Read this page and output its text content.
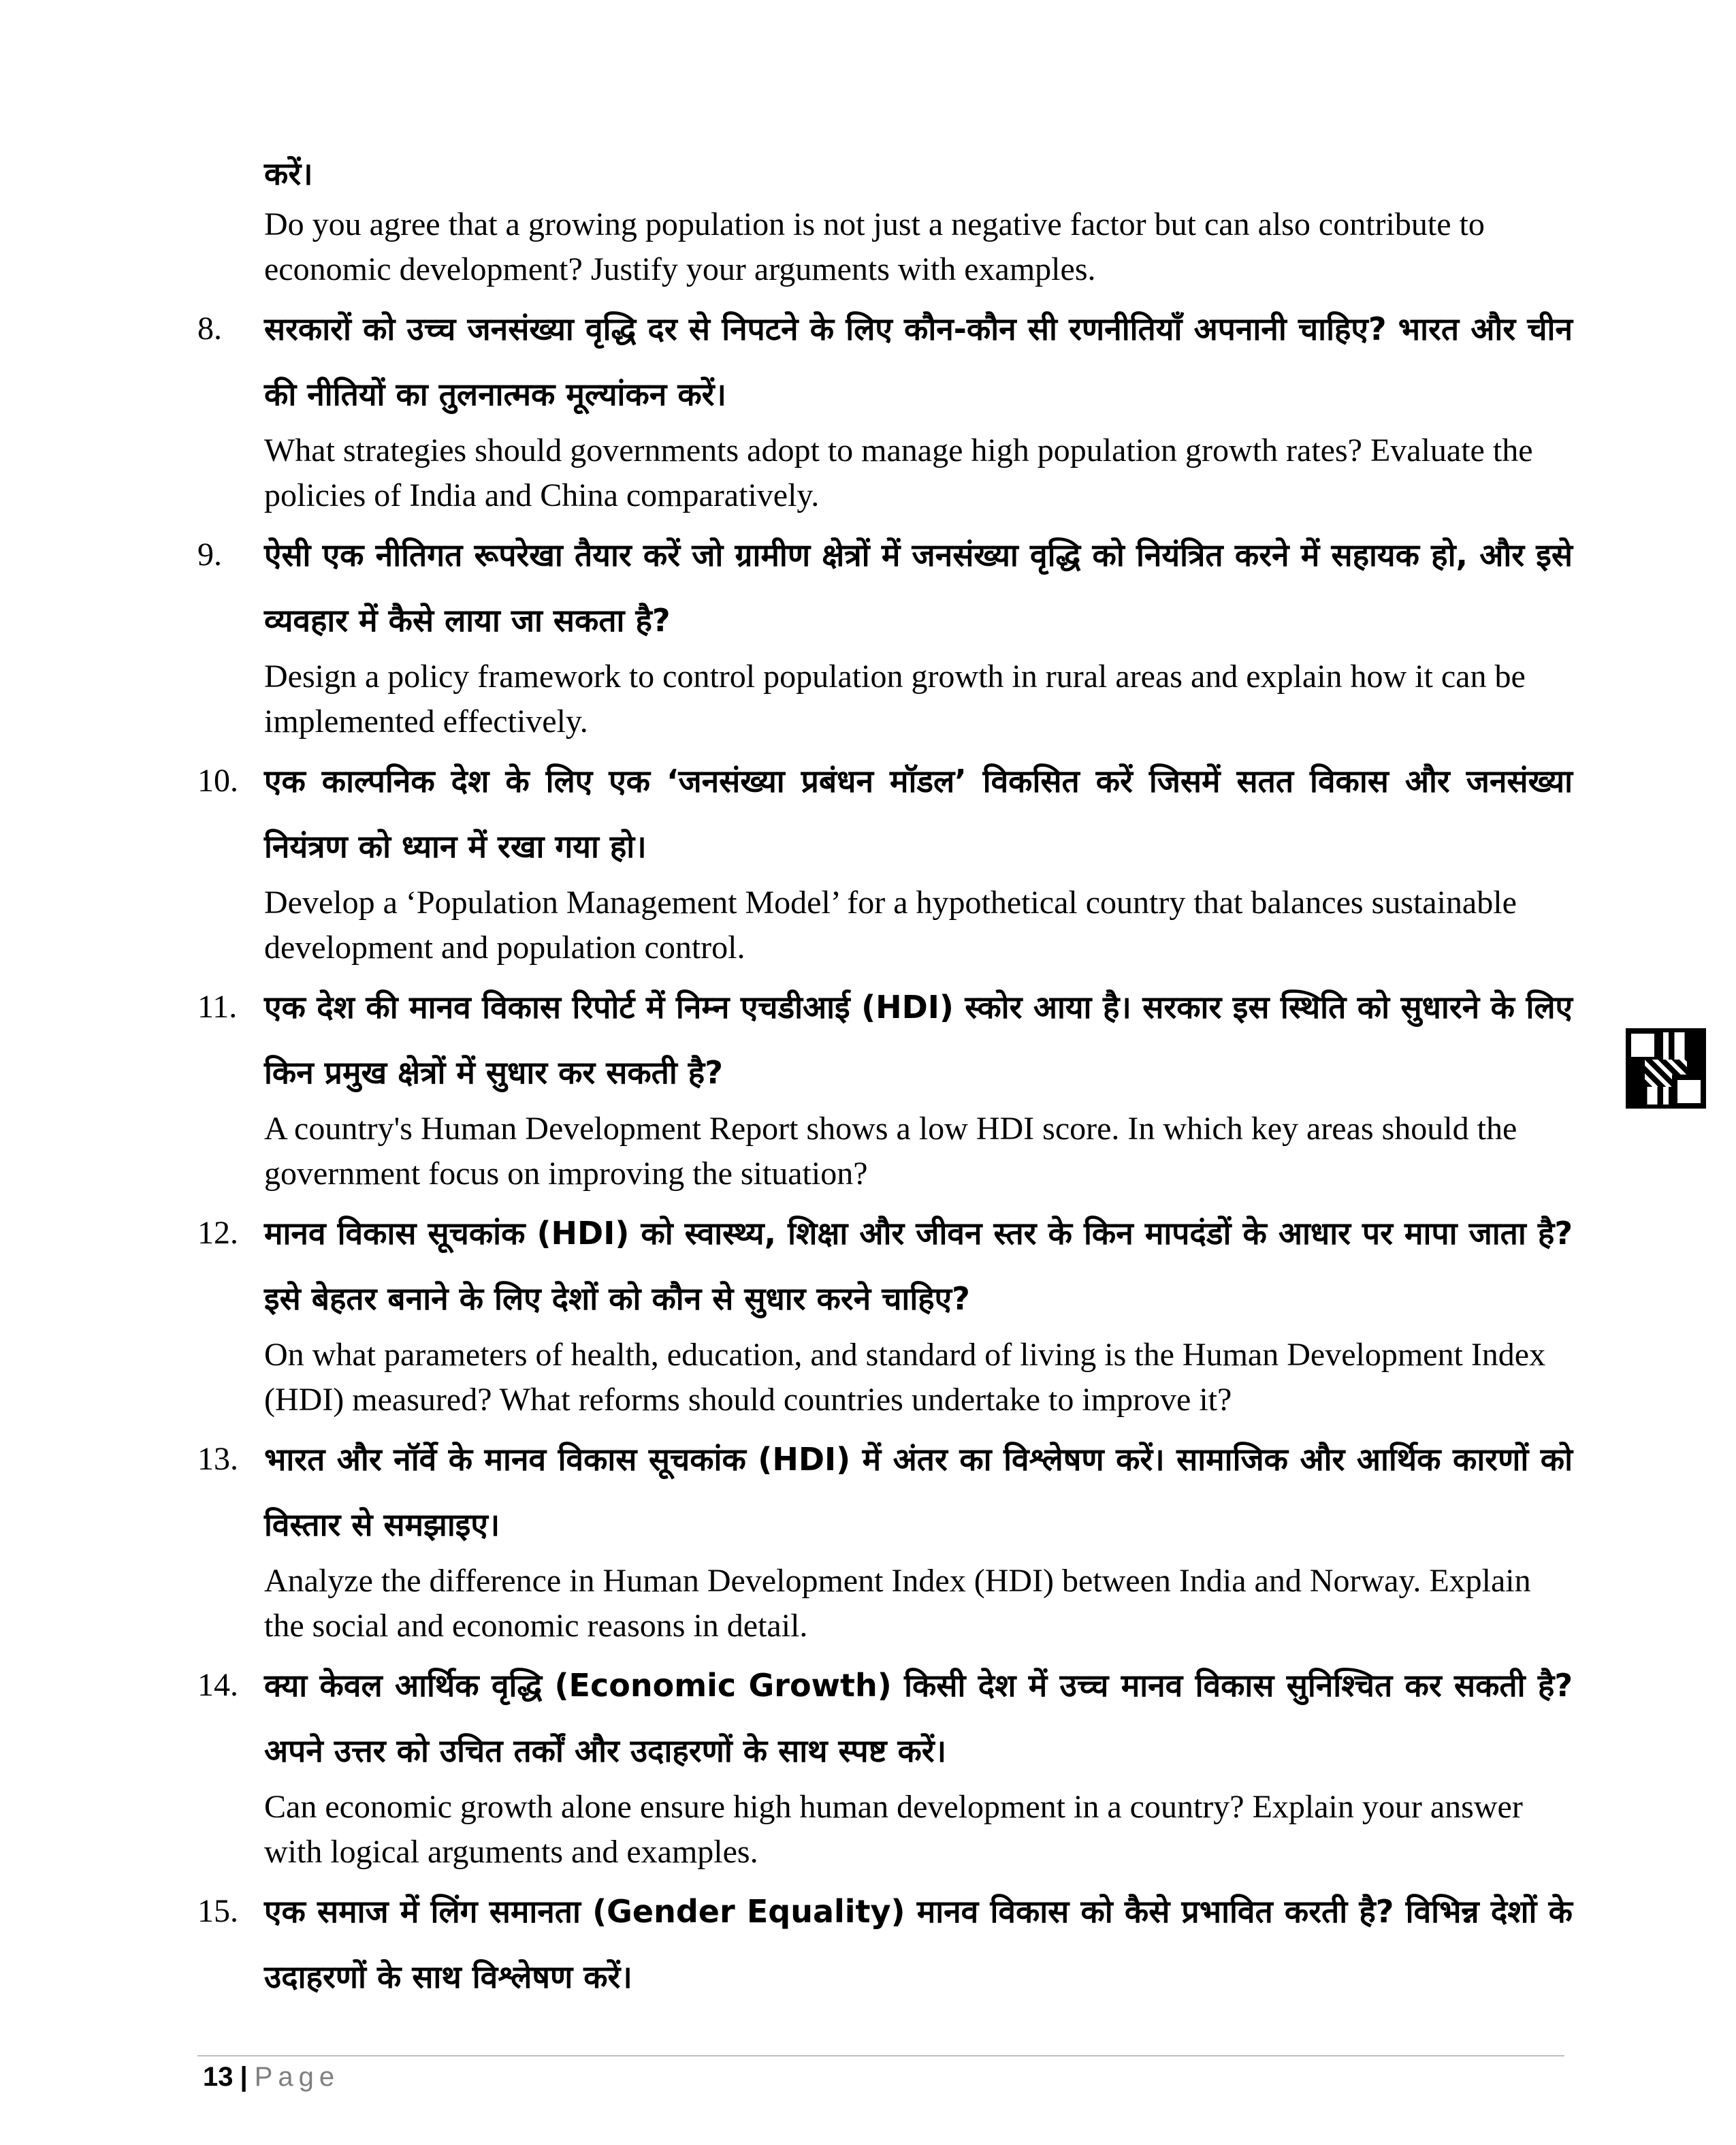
करें।
Do you agree that a growing population is not just a negative factor but can also contribute to economic development? Justify your arguments with examples.
8. सरकारों को उच्च जनसंख्या वृद्धि दर से निपटने के लिए कौन-कौन सी रणनीतियाँ अपनानी चाहिए? भारत और चीन की नीतियों का तुलनात्मक मूल्यांकन करें।
What strategies should governments adopt to manage high population growth rates? Evaluate the policies of India and China comparatively.
9. ऐसी एक नीतिगत रूपरेखा तैयार करें जो ग्रामीण क्षेत्रों में जनसंख्या वृद्धि को नियंत्रित करने में सहायक हो, और इसे व्यवहार में कैसे लाया जा सकता है?
Design a policy framework to control population growth in rural areas and explain how it can be implemented effectively.
10. एक काल्पनिक देश के लिए एक ‘जनसंख्या प्रबंधन मॉडल’ विकसित करें जिसमें सतत विकास और जनसंख्या नियंत्रण को ध्यान में रखा गया हो।
Develop a ‘Population Management Model’ for a hypothetical country that balances sustainable development and population control.
11. एक देश की मानव विकास रिपोर्ट में निम्न एचडीआई (HDI) स्कोर आया है। सरकार इस स्थिति को सुधारने के लिए किन प्रमुख क्षेत्रों में सुधार कर सकती है?
A country's Human Development Report shows a low HDI score. In which key areas should the government focus on improving the situation?
12. मानव विकास सूचकांक (HDI) को स्वास्थ्य, शिक्षा और जीवन स्तर के किन मापदंडों के आधार पर मापा जाता है? इसे बेहतर बनाने के लिए देशों को कौन से सुधार करने चाहिए?
On what parameters of health, education, and standard of living is the Human Development Index (HDI) measured? What reforms should countries undertake to improve it?
13. भारत और नॉर्वे के मानव विकास सूचकांक (HDI) में अंतर का विश्लेषण करें। सामाजिक और आर्थिक कारणों को विस्तार से समझाइए।
Analyze the difference in Human Development Index (HDI) between India and Norway. Explain the social and economic reasons in detail.
14. क्या केवल आर्थिक वृद्धि (Economic Growth) किसी देश में उच्च मानव विकास सुनिश्चित कर सकती है? अपने उत्तर को उचित तर्कों और उदाहरणों के साथ स्पष्ट करें।
Can economic growth alone ensure high human development in a country? Explain your answer with logical arguments and examples.
15. एक समाज में लिंग समानता (Gender Equality) मानव विकास को कैसे प्रभावित करती है? विभिन्न देशों के उदाहरणों के साथ विश्लेषण करें।
13 | Page
